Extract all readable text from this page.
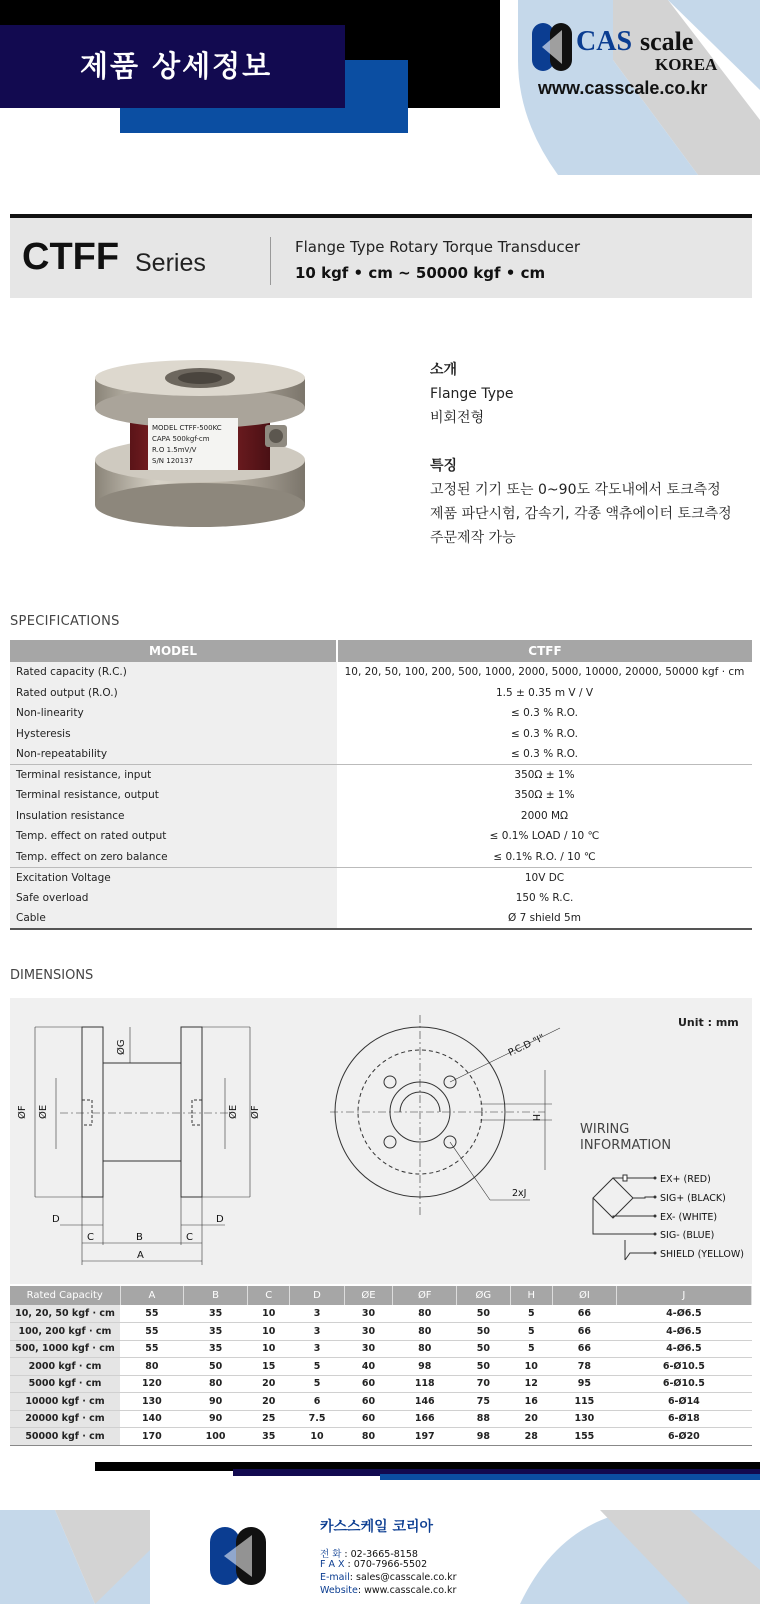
제품 상세정보
CAS scale
KOREA
www.casscale.co.kr
CTFF Series
Flange Type Rotary Torque Transducer
10 kgf • cm ~ 50000 kgf • cm
MODEL CTFF-500KC
CAPA 500kgf-cm
R.O 1.5mV/V
S/N 120137
소개
Flange Type
비회전형
특징
고정된 기기 또는 0~90도 각도내에서 토크측정
제품 파단시험, 감속기, 각종 액츄에이터 토크측정
주문제작 가능
SPECIFICATIONS
MODEL	CTFF
Rated capacity (R.C.)	10, 20, 50, 100, 200, 500, 1000, 2000, 5000, 10000, 20000, 50000 kgf · cm
Rated output (R.O.)	1.5 ± 0.35 m V / V
Non-linearity	≤ 0.3 % R.O.
Hysteresis	≤ 0.3 % R.O.
Non-repeatability	≤ 0.3 % R.O.
Terminal resistance, input	350Ω ± 1%
Terminal resistance, output	350Ω ± 1%
Insulation resistance	2000 MΩ
Temp. effect on rated output	≤ 0.1% LOAD / 10 ℃
Temp. effect on zero balance	≤ 0.1% R.O. / 10 ℃
Excitation Voltage	10V DC
Safe overload	150 % R.C.
Cable	Ø 7 shield 5m
DIMENSIONS
Unit : mm
ØF ØE
ØG
ØE ØF
D	D
C	B	C
A
P.C.D "I"
H
2xJ
WIRING
INFORMATION
EX+ (RED)
SIG+ (BLACK)
EX- (WHITE)
SIG- (BLUE)
SHIELD (YELLOW)
Rated Capacity	A	B	C	D	ØE	ØF	ØG	H	ØI	J
10, 20, 50 kgf · cm	55	35	10	3	30	80	50	5	66	4-Ø6.5
100, 200 kgf · cm	55	35	10	3	30	80	50	5	66	4-Ø6.5
500, 1000 kgf · cm	55	35	10	3	30	80	50	5	66	4-Ø6.5
2000 kgf · cm	80	50	15	5	40	98	50	10	78	6-Ø10.5
5000 kgf · cm	120	80	20	5	60	118	70	12	95	6-Ø10.5
10000 kgf · cm	130	90	20	6	60	146	75	16	115	6-Ø14
20000 kgf · cm	140	90	25	7.5	60	166	88	20	130	6-Ø18
50000 kgf · cm	170	100	35	10	80	197	98	28	155	6-Ø20
카스스케일 코리아
전 화 : 02-3665-8158
F A X : 070-7966-5502
E-mail: sales@casscale.co.kr
Website: www.casscale.co.kr
